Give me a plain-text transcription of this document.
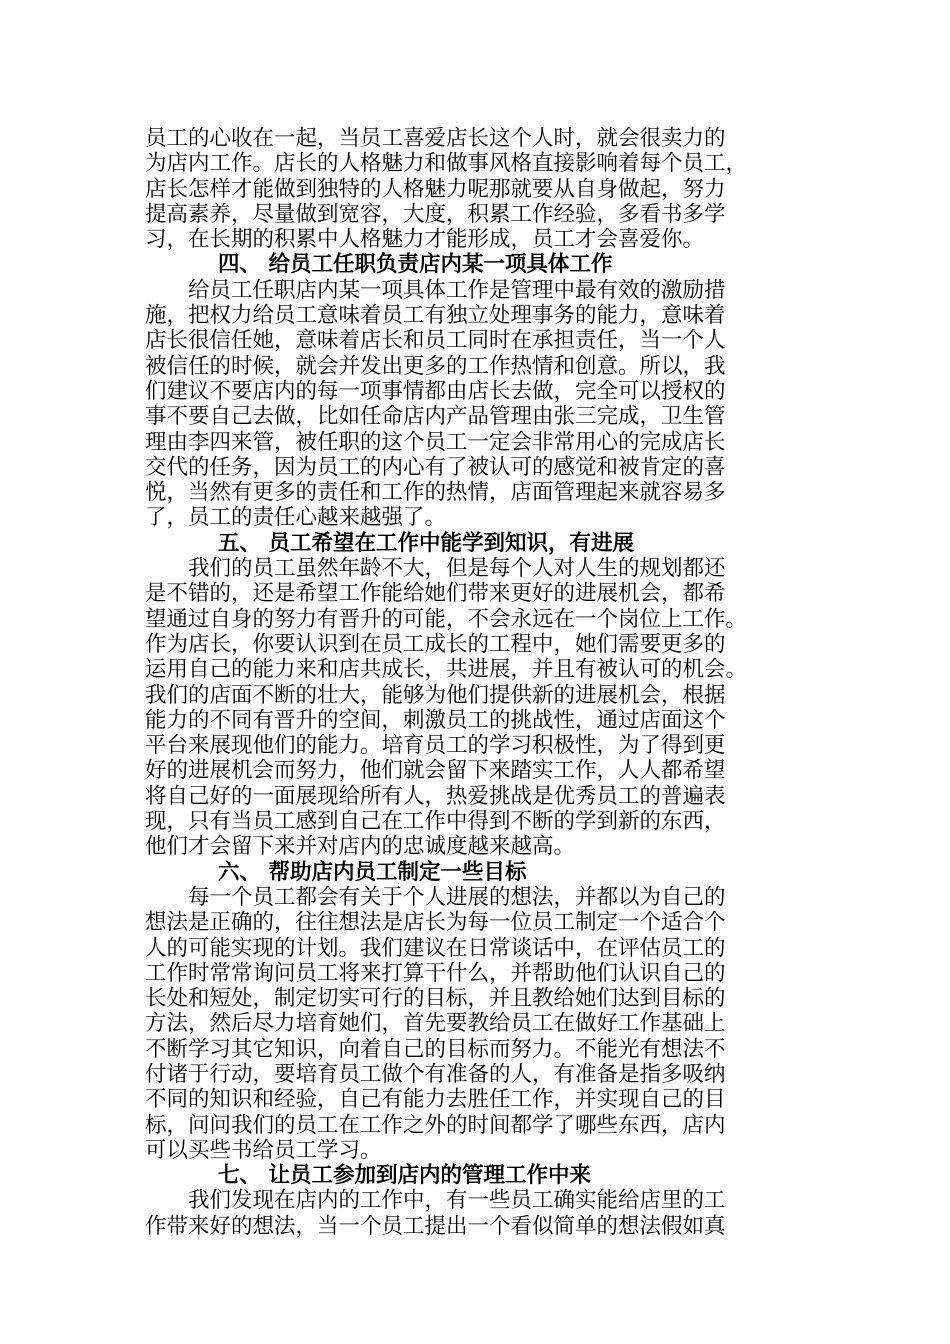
员工的心收在一起，当员工喜爱店长这个人时，就会很卖力的
为店内工作。店长的人格魅力和做事风格直接影响着每个员工，
店长怎样才能做到独特的人格魅力呢那就要从自身做起，努力
提高素养，尽量做到宽容，大度，积累工作经验，多看书多学
习，在长期的积累中人格魅力才能形成，员工才会喜爱你。
四、 给员工任职负责店内某一项具体工作
给员工任职店内某一项具体工作是管理中最有效的激励措
施，把权力给员工意味着员工有独立处理事务的能力，意味着
店长很信任她，意味着店长和员工同时在承担责任，当一个人
被信任的时候，就会并发出更多的工作热情和创意。所以，我
们建议不要店内的每一项事情都由店长去做，完全可以授权的
事不要自己去做，比如任命店内产品管理由张三完成，卫生管
理由李四来管，被任职的这个员工一定会非常用心的完成店长
交代的任务，因为员工的内心有了被认可的感觉和被肯定的喜
悦，当然有更多的责任和工作的热情，店面管理起来就容易多
了，员工的责任心越来越强了。
五、 员工希望在工作中能学到知识，有进展
我们的员工虽然年龄不大，但是每个人对人生的规划都还
是不错的，还是希望工作能给她们带来更好的进展机会，都希
望通过自身的努力有晋升的可能，不会永远在一个岗位上工作。
作为店长，你要认识到在员工成长的工程中，她们需要更多的
运用自己的能力来和店共成长，共进展，并且有被认可的机会。
我们的店面不断的壮大，能够为他们提供新的进展机会，根据
能力的不同有晋升的空间，刺激员工的挑战性，通过店面这个
平台来展现他们的能力。培育员工的学习积极性，为了得到更
好的进展机会而努力，他们就会留下来踏实工作，人人都希望
将自己好的一面展现给所有人，热爱挑战是优秀员工的普遍表
现，只有当员工感到自己在工作中得到不断的学到新的东西，
他们才会留下来并对店内的忠诚度越来越高。
六、 帮助店内员工制定一些目标
每一个员工都会有关于个人进展的想法，并都以为自己的
想法是正确的，往往想法是店长为每一位员工制定一个适合个
人的可能实现的计划。我们建议在日常谈话中，在评估员工的
工作时常常询问员工将来打算干什么，并帮助他们认识自己的
长处和短处，制定切实可行的目标，并且教给她们达到目标的
方法，然后尽力培育她们，首先要教给员工在做好工作基础上
不断学习其它知识，向着自己的目标而努力。不能光有想法不
付诸于行动，要培育员工做个有准备的人，有准备是指多吸纳
不同的知识和经验，自己有能力去胜任工作，并实现自己的目
标，问问我们的员工在工作之外的时间都学了哪些东西，店内
可以买些书给员工学习。
七、 让员工参加到店内的管理工作中来
我们发现在店内的工作中，有一些员工确实能给店里的工
作带来好的想法，当一个员工提出一个看似简单的想法假如真
